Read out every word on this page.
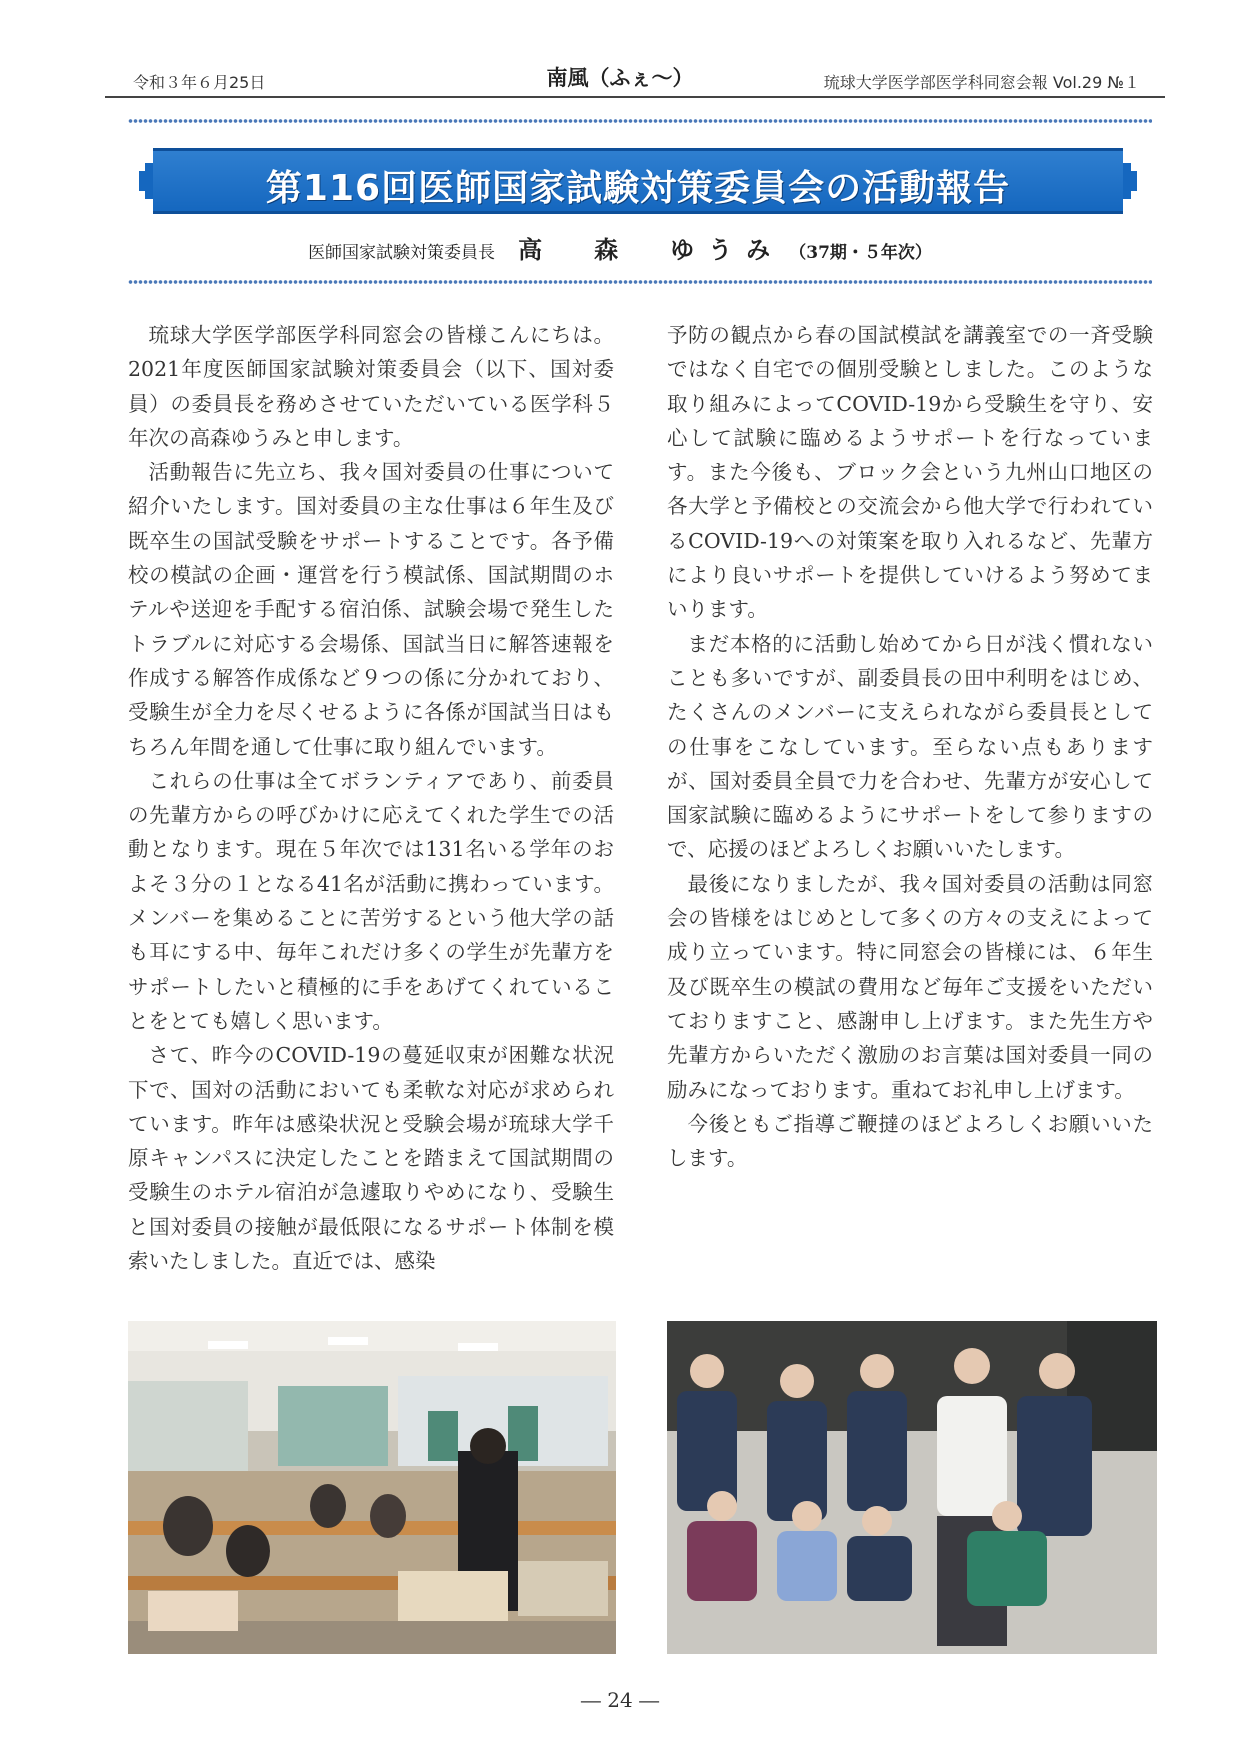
令和３年６月25日	南風（ふぇ〜）	琉球大学医学部医学科同窓会報 Vol.29 №１
第116回医師国家試験対策委員会の活動報告
医師国家試験対策委員長 高　森　ゆうみ （37期・５年次）

琉球大学医学部医学科同窓会の皆様こんにちは。2021年度医師国家試験対策委員会（以下、国対委員）の委員長を務めさせていただいている医学科５年次の高森ゆうみと申します。

活動報告に先立ち、我々国対委員の仕事について紹介いたします。国対委員の主な仕事は６年生及び既卒生の国試受験をサポートすることです。各予備校の模試の企画・運営を行う模試係、国試期間のホテルや送迎を手配する宿泊係、試験会場で発生したトラブルに対応する会場係、国試当日に解答速報を作成する解答作成係など９つの係に分かれており、受験生が全力を尽くせるように各係が国試当日はもちろん年間を通して仕事に取り組んでいます。

これらの仕事は全てボランティアであり、前委員の先輩方からの呼びかけに応えてくれた学生での活動となります。現在５年次では131名いる学年のおよそ３分の１となる41名が活動に携わっています。メンバーを集めることに苦労するという他大学の話も耳にする中、毎年これだけ多くの学生が先輩方をサポートしたいと積極的に手をあげてくれていることをとても嬉しく思います。

さて、昨今のCOVID-19の蔓延収束が困難な状況下で、国対の活動においても柔軟な対応が求められています。昨年は感染状況と受験会場が琉球大学千原キャンパスに決定したことを踏まえて国試期間の受験生のホテル宿泊が急遽取りやめになり、受験生と国対委員の接触が最低限になるサポート体制を模索いたしました。直近では、感染

予防の観点から春の国試模試を講義室での一斉受験ではなく自宅での個別受験としました。このような取り組みによってCOVID-19から受験生を守り、安心して試験に臨めるようサポートを行なっています。また今後も、ブロック会という九州山口地区の各大学と予備校との交流会から他大学で行われているCOVID-19への対策案を取り入れるなど、先輩方により良いサポートを提供していけるよう努めてまいります。

まだ本格的に活動し始めてから日が浅く慣れないことも多いですが、副委員長の田中利明をはじめ、たくさんのメンバーに支えられながら委員長としての仕事をこなしています。至らない点もありますが、国対委員全員で力を合わせ、先輩方が安心して国家試験に臨めるようにサポートをして参りますので、応援のほどよろしくお願いいたします。

最後になりましたが、我々国対委員の活動は同窓会の皆様をはじめとして多くの方々の支えによって成り立っています。特に同窓会の皆様には、６年生及び既卒生の模試の費用など毎年ご支援をいただいておりますこと、感謝申し上げます。また先生方や先輩方からいただく激励のお言葉は国対委員一同の励みになっております。重ねてお礼申し上げます。

今後ともご指導ご鞭撻のほどよろしくお願いいたします。

― 24 ―
